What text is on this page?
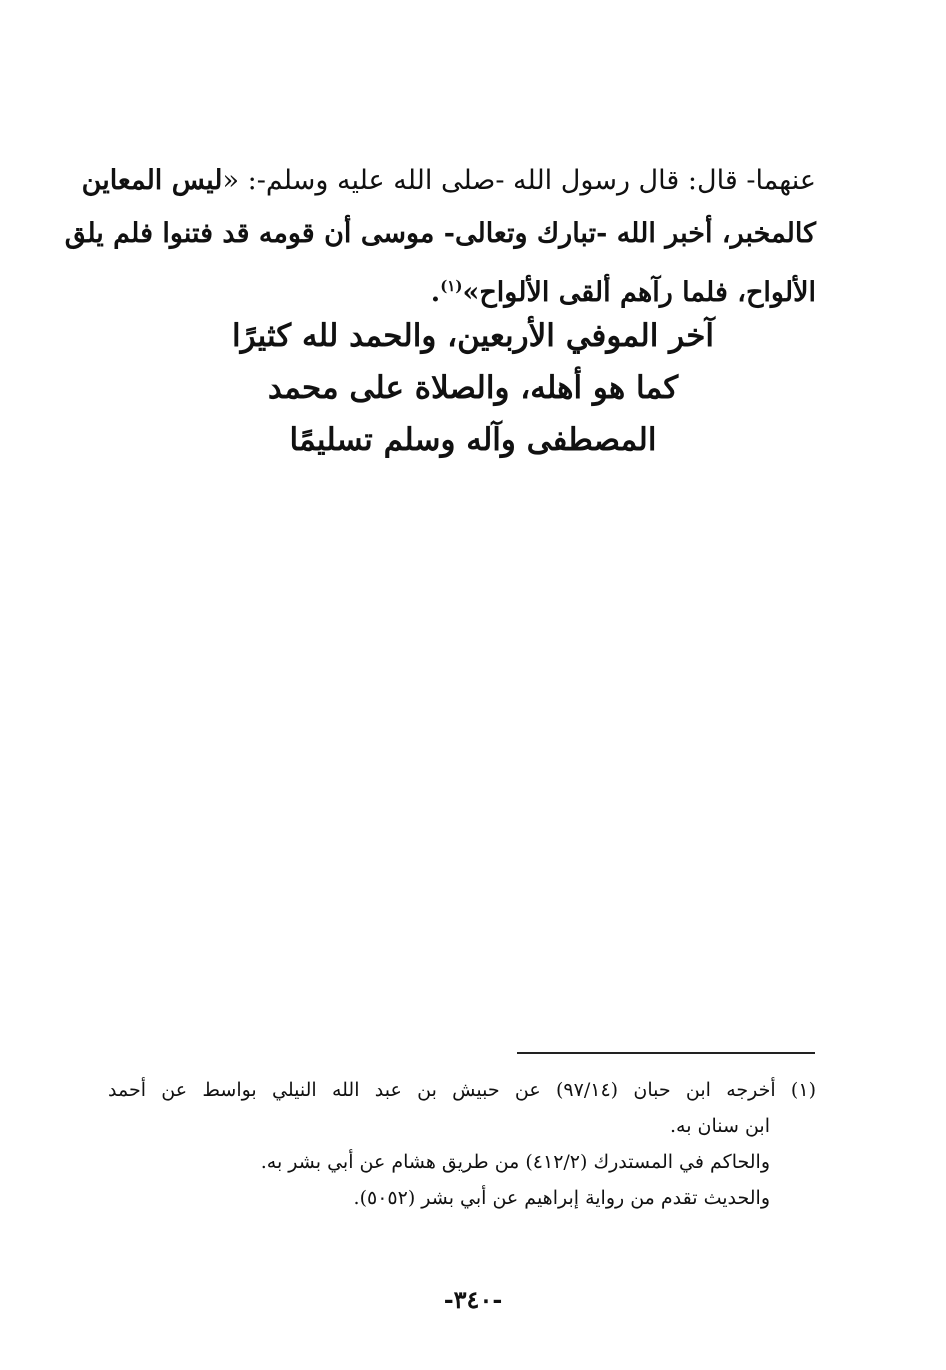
عنهما- قال: قال رسول الله -صلى الله عليه وسلم-: «ليس المعاين
كالمخبر، أخبر الله -تبارك وتعالى- موسى أن قومه قد فتنوا فلم يلق
الألواح، فلما رآهم ألقى الألواح»$^{(١)}$.
آخر الموفي الأربعين، والحمد لله كثيرًا
كما هو أهله، والصلاة على محمد
المصطفى وآله وسلم تسليمًا
(١) أخرجه ابن حبان (٩٧/١٤) عن حبيش بن عبد الله النيلي بواسط عن أحمد
ابن سنان به.
والحاكم في المستدرك (٤١٢/٢) من طريق هشام عن أبي بشر به.
والحديث تقدم من رواية إبراهيم عن أبي بشر (٥٠٥٢).
-٣٤٠-
